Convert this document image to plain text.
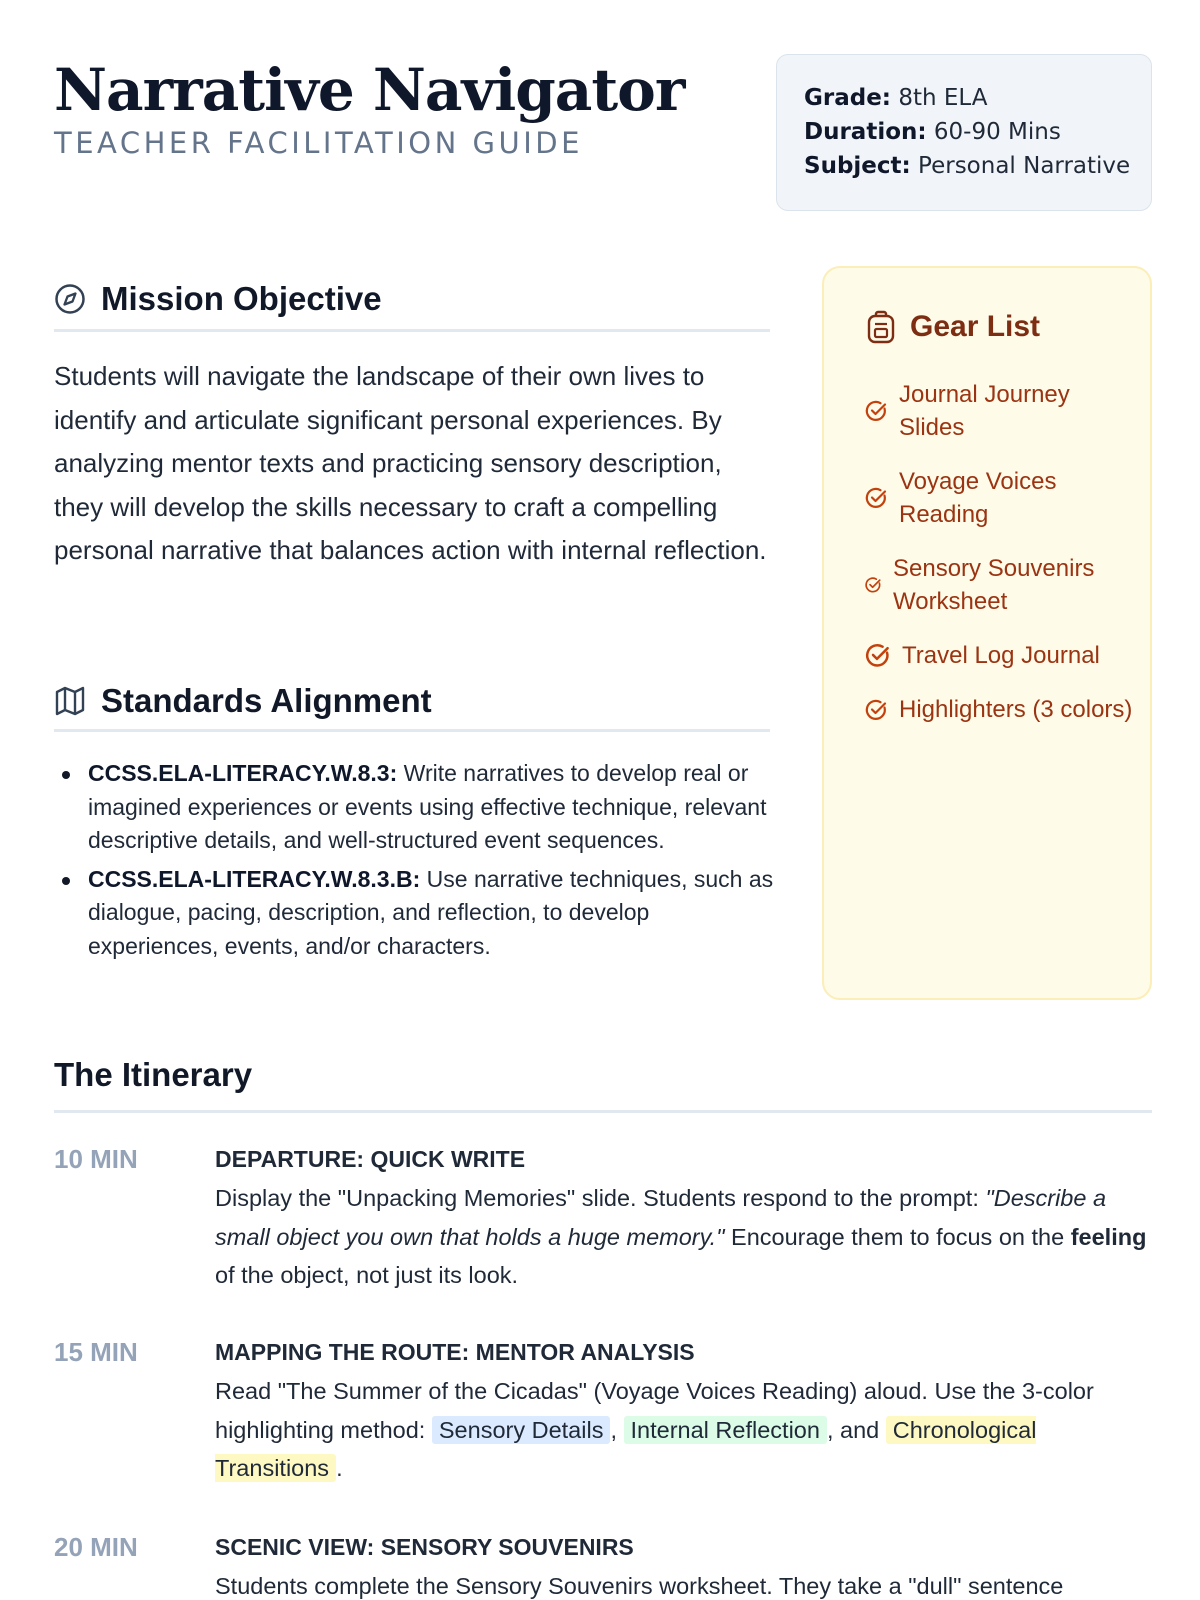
Narrative Navigator
TEACHER FACILITATION GUIDE
Grade: 8th ELA
Duration: 60-90 Mins
Subject: Personal Narrative
Mission Objective
Students will navigate the landscape of their own lives to identify and articulate significant personal experiences. By analyzing mentor texts and practicing sensory description, they will develop the skills necessary to craft a compelling personal narrative that balances action with internal reflection.
Standards Alignment
CCSS.ELA-LITERACY.W.8.3: Write narratives to develop real or imagined experiences or events using effective technique, relevant descriptive details, and well-structured event sequences.
CCSS.ELA-LITERACY.W.8.3.B: Use narrative techniques, such as dialogue, pacing, description, and reflection, to develop experiences, events, and/or characters.
Gear List
Journal Journey Slides
Voyage Voices Reading
Sensory Souvenirs Worksheet
Travel Log Journal
Highlighters (3 colors)
The Itinerary
10 MIN	DEPARTURE: QUICK WRITE
Display the "Unpacking Memories" slide. Students respond to the prompt: "Describe a small object you own that holds a huge memory." Encourage them to focus on the feeling of the object, not just its look.
15 MIN	MAPPING THE ROUTE: MENTOR ANALYSIS
Read "The Summer of the Cicadas" (Voyage Voices Reading) aloud. Use the 3-color highlighting method: Sensory Details , Internal Reflection , and Chronological Transitions .
20 MIN	SCENIC VIEW: SENSORY SOUVENIRS
Students complete the Sensory Souvenirs worksheet. They take a "dull" sentence
